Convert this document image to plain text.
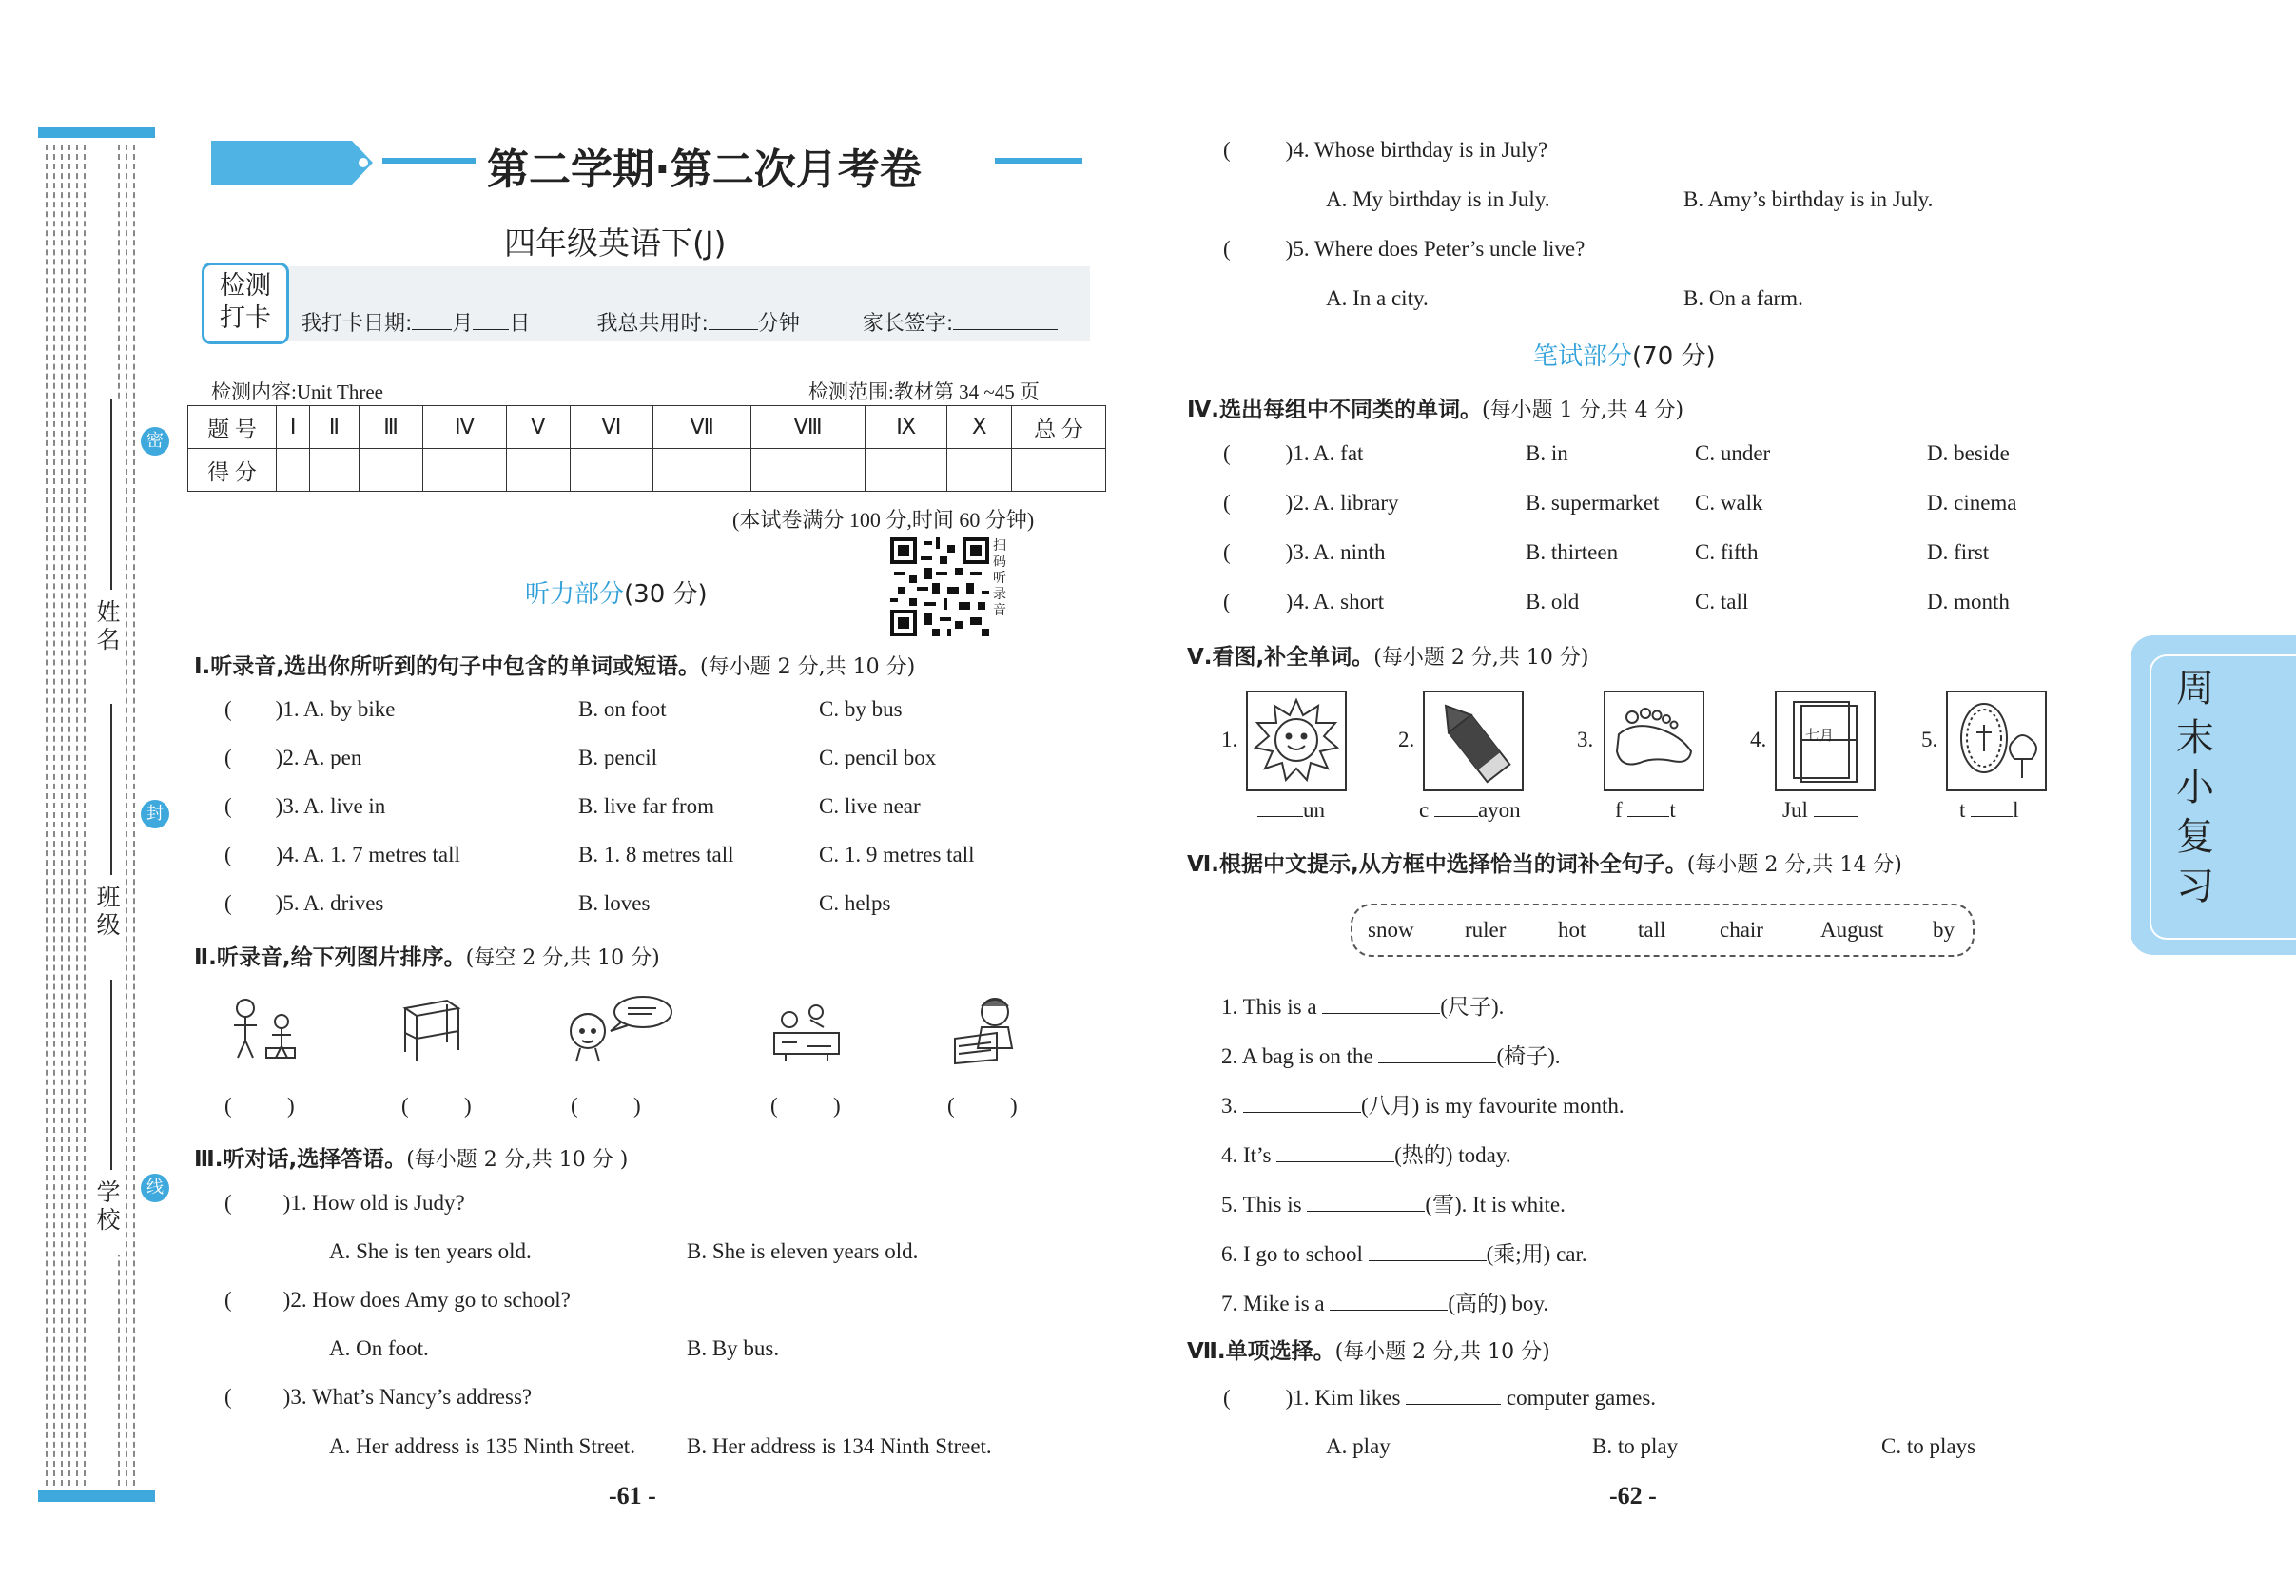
姓名
班级
学校
密
封
线
第二学期·第二次月考卷
四年级英语下(J)
检测打卡 我打卡日期: 月 日	我总共用时: 分钟	家长签字:
检测内容:Unit Three	检测范围:教材第 34 ~45 页
题 号	Ⅰ	Ⅱ	Ⅲ	Ⅳ	Ⅴ	Ⅵ	Ⅶ	Ⅷ	Ⅸ	Ⅹ	总 分
得 分											
(本试卷满分 100 分,时间 60 分钟)
扫码听录音
听力部分(30 分)
Ⅰ.听录音,选出你所听到的句子中包含的单词或短语。(每小题 2 分,共 10 分)
( )1. A. by bike	B. on foot	C. by bus
( )2. A. pen	B. pencil	C. pencil box
( )3. A. live in	B. live far from	C. live near
( )4. A. 1. 7 metres tall	B. 1. 8 metres tall	C. 1. 9 metres tall
( )5. A. drives	B. loves	C. helps
Ⅱ.听录音,给下列图片排序。(每空 2 分,共 10 分)
(	)	(	)	(	)	(	)	(	)
Ⅲ.听对话,选择答语。(每小题 2 分,共 10 分 )
( )1. How old is Judy?
A. She is ten years old.	B. She is eleven years old.
( )2. How does Amy go to school?
A. On foot.	B. By bus.
( )3. What’s Nancy’s address?
A. Her address is 135 Ninth Street. B. Her address is 134 Ninth Street.
-61 -
(	)4. Whose birthday is in July?
A. My birthday is in July.	B. Amy’s birthday is in July.
(	)5. Where does Peter’s uncle live?
A. In a city.	B. On a farm.
笔试部分(70 分)
Ⅳ.选出每组中不同类的单词。(每小题 1 分,共 4 分)
(	)1. A. fat	B. in	C. under	D. beside
(	)2. A. library	B. supermarket C. walk	D. cinema
(	)3. A. ninth	B. thirteen	C. fifth	D. first
(	)4. A. short	B. old	C. tall	D. month
Ⅴ.看图,补全单词。(每小题 2 分,共 10 分)
1.
un
2.
c ayon
3.
f t
4.	七月
Jul
5.
t l
Ⅵ.根据中文提示,从方框中选择恰当的词补全句子。(每小题 2 分,共 14 分)
snow ruler hot tall chair	August by
1. This is a	(尺子).
2. A bag is on the	(椅子).
3.	(八月) is my favourite month.
4. It’s	(热的) today.
5. This is	(雪). It is white.
6. I go to school	(乘;用) car.
7. Mike is a	(高的) boy.
Ⅶ.单项选择。(每小题 2 分,共 10 分)
(	)1. Kim likes	computer games.
A. play	B. to play	C. to plays
-62 -
周末小复习
